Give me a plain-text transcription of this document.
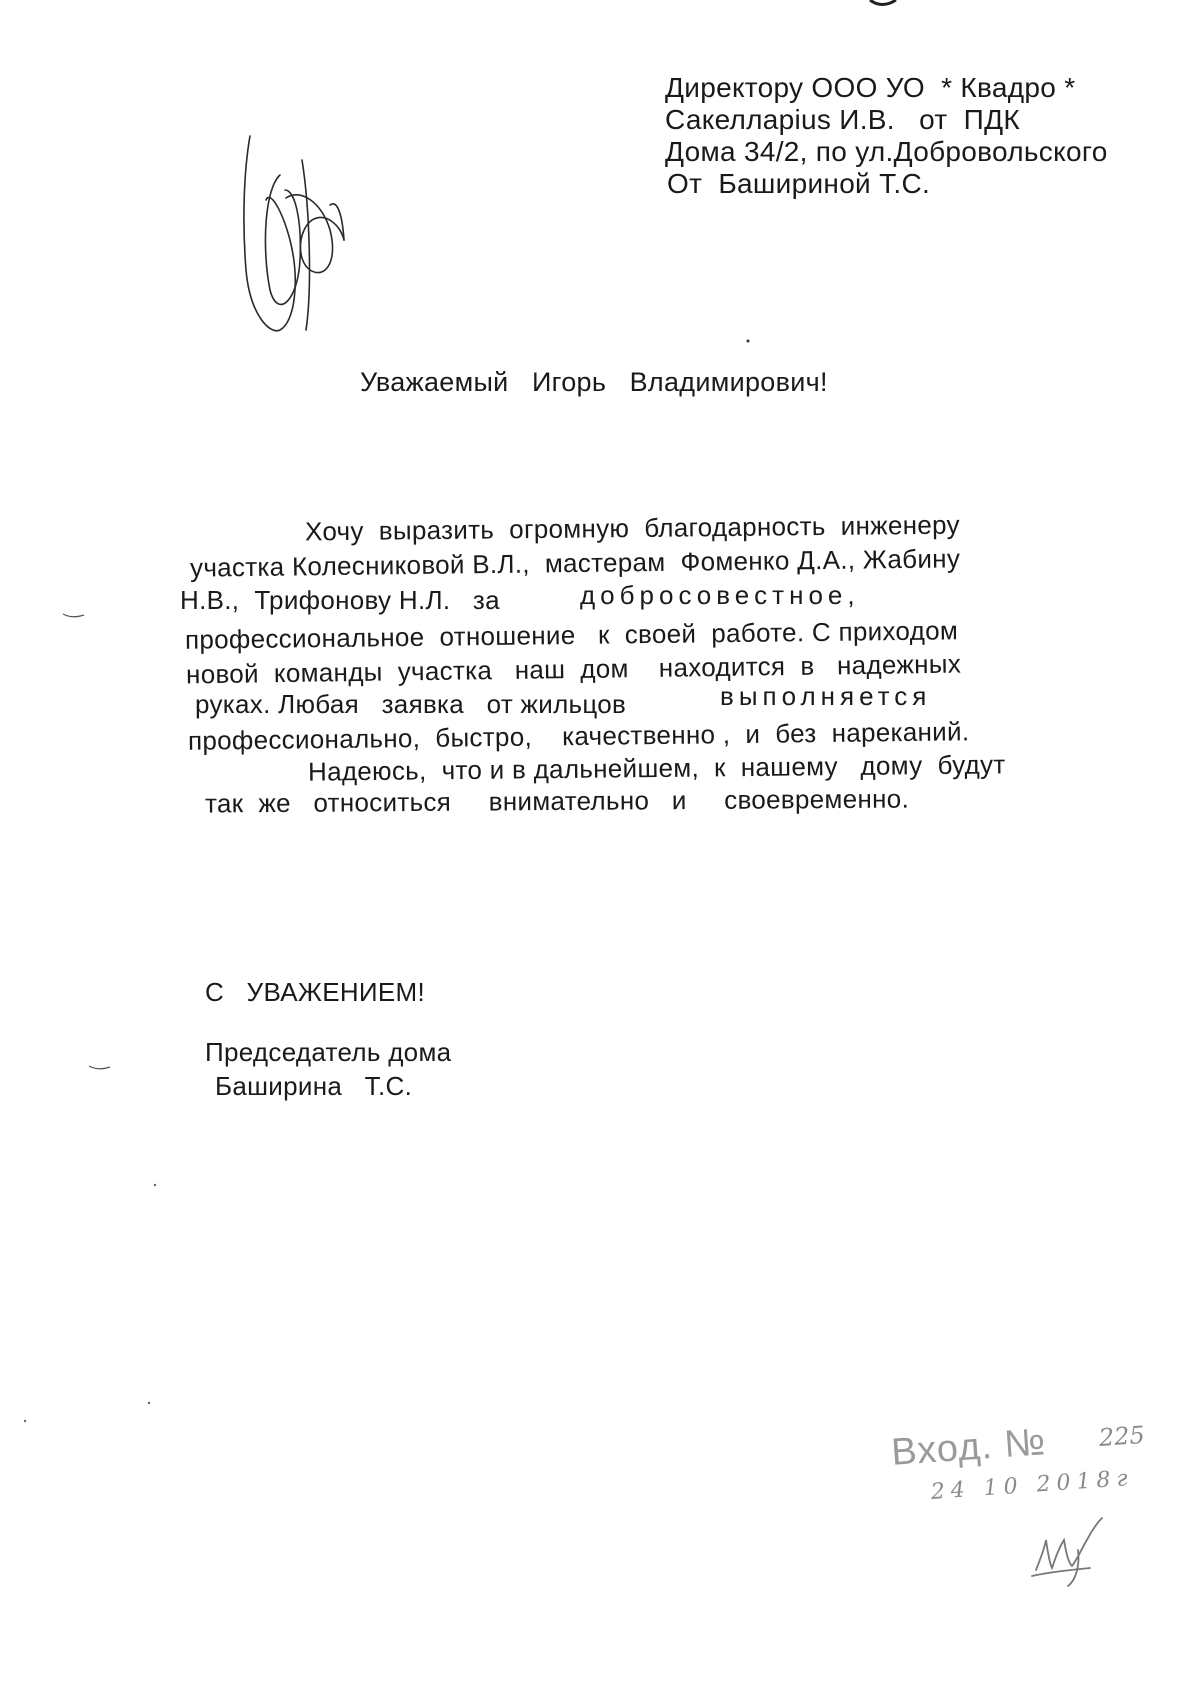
Директору ООО УО  * Квадро *
Сакелларius И.В.   от  ПДК
Дома 34/2, по ул.Добровольского
От  Башириной Т.С.
Уважаемый   Игорь   Владимирович!
Хочу  выразить  огромную  благодарность  инженеру
участка Колесниковой В.Л.,  мастерам  Фоменко Д.А., Жабину
Н.В.,  Трифонову Н.Л.   за	добросовестное,
профессиональное  отношение   к  своей  работе. С приходом
новой  команды  участка   наш  дом    находится  в   надежных
руках. Любая   заявка   от жильцов	выполняется
профессионально,  быстро,    качественно ,  и  без  нареканий.
Надеюсь,  что и в дальнейшем,  к  нашему   дому  будут
так  же   относиться     внимательно   и     своевременно.
С   УВАЖЕНИЕМ!
Председатель дома
Баширина   Т.С.
Вход. № 225
24 10 2018г
